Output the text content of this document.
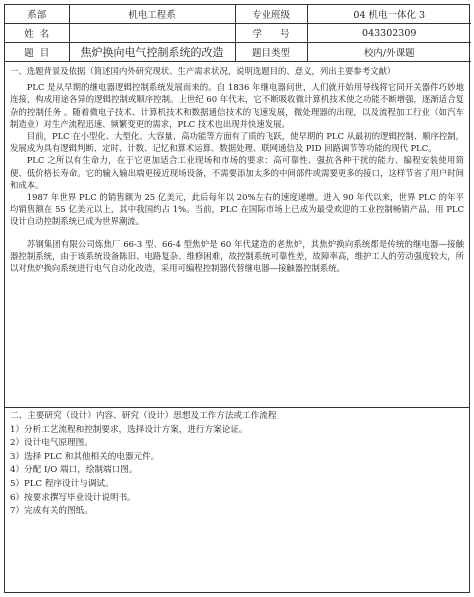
系部	机电工程系	专业班级	04 机电一体化 3
姓  名		学      号	043302309
题  目	焦炉换向电气控制系统的改造	题目类型	校内/外课题

一、选题背景及依据（简述国内外研究现状、生产需求状况，说明选题目的、意义，列出主要参考文献）

PLC 是从早期的继电器逻辑控制系统发展而来的。自 1836 年继电器问世，人们就开始用导线将它同开关器件巧妙地连接，构成用途各异的逻辑控制或顺序控制。上世纪 60 年代末，它不断吸收微计算机技术使之功能不断增强，逐渐适合复杂的控制任务 。随着微电子技术、计算机技术和数据通信技术的飞速发展，微处理器的出现，以及流程加工行业（如汽车制造业）对生产流程迅速、频繁变更的需求，PLC 技术也出现并快速发展。

目前，PLC 在小型化、大型化、大容量、高功能等方面有了质的飞跃，使早期的 PLC 从最初的逻辑控制、顺序控制，发展成为具有逻辑判断、定时、计数、记忆和算术运算、数据处理、联网通信及 PID 回路调节等功能的现代 PLC。

PLC 之所以有生命力，在于它更加适合工业现场和市场的要求：高可靠性、强抗各种干扰的能力、编程安装使用简便、低价格长寿命。它的输入输出端更接近现场设备，不需要添加太多的中间部件或需要更多的接口，这样节省了用户时间和成本。

1987 年世界 PLC 的销售额为 25 亿美元，此后每年以 20%左右的速度递增。进入 90 年代以来，世界 PLC 的年平均销售额在 55 亿美元以上，其中我国约占 1%。当前，PLC 在国际市场上已成为最受欢迎的工业控制畅销产品，用 PLC 设计自动控制系统已成为世界潮流。

苏钢集团有限公司炼焦厂 66-3 型、66-4 型焦炉是 60 年代建造的老焦炉，其焦炉换向系统都是传统的继电器—接触器控制系统，由于该系统设备陈旧、电路复杂、维修困难，故控制系统可靠性差，故障率高，维护工人的劳动强度较大，所以对焦炉换向系统进行电气自动化改造，采用可编程控制器代替继电器—接触器控制系统。

二、主要研究（设计）内容、研究（设计）思想及工作方法或工作流程

1）分析工艺流程和控制要求，选择设计方案，进行方案论证。

2）设计电气原理图。

3）选择 PLC 和其他相关的电器元件。

4）分配 I/O 端口，绘制端口图。

5）PLC 程序设计与调试。

6）按要求撰写毕业设计说明书。

7）完成有关的图纸。
